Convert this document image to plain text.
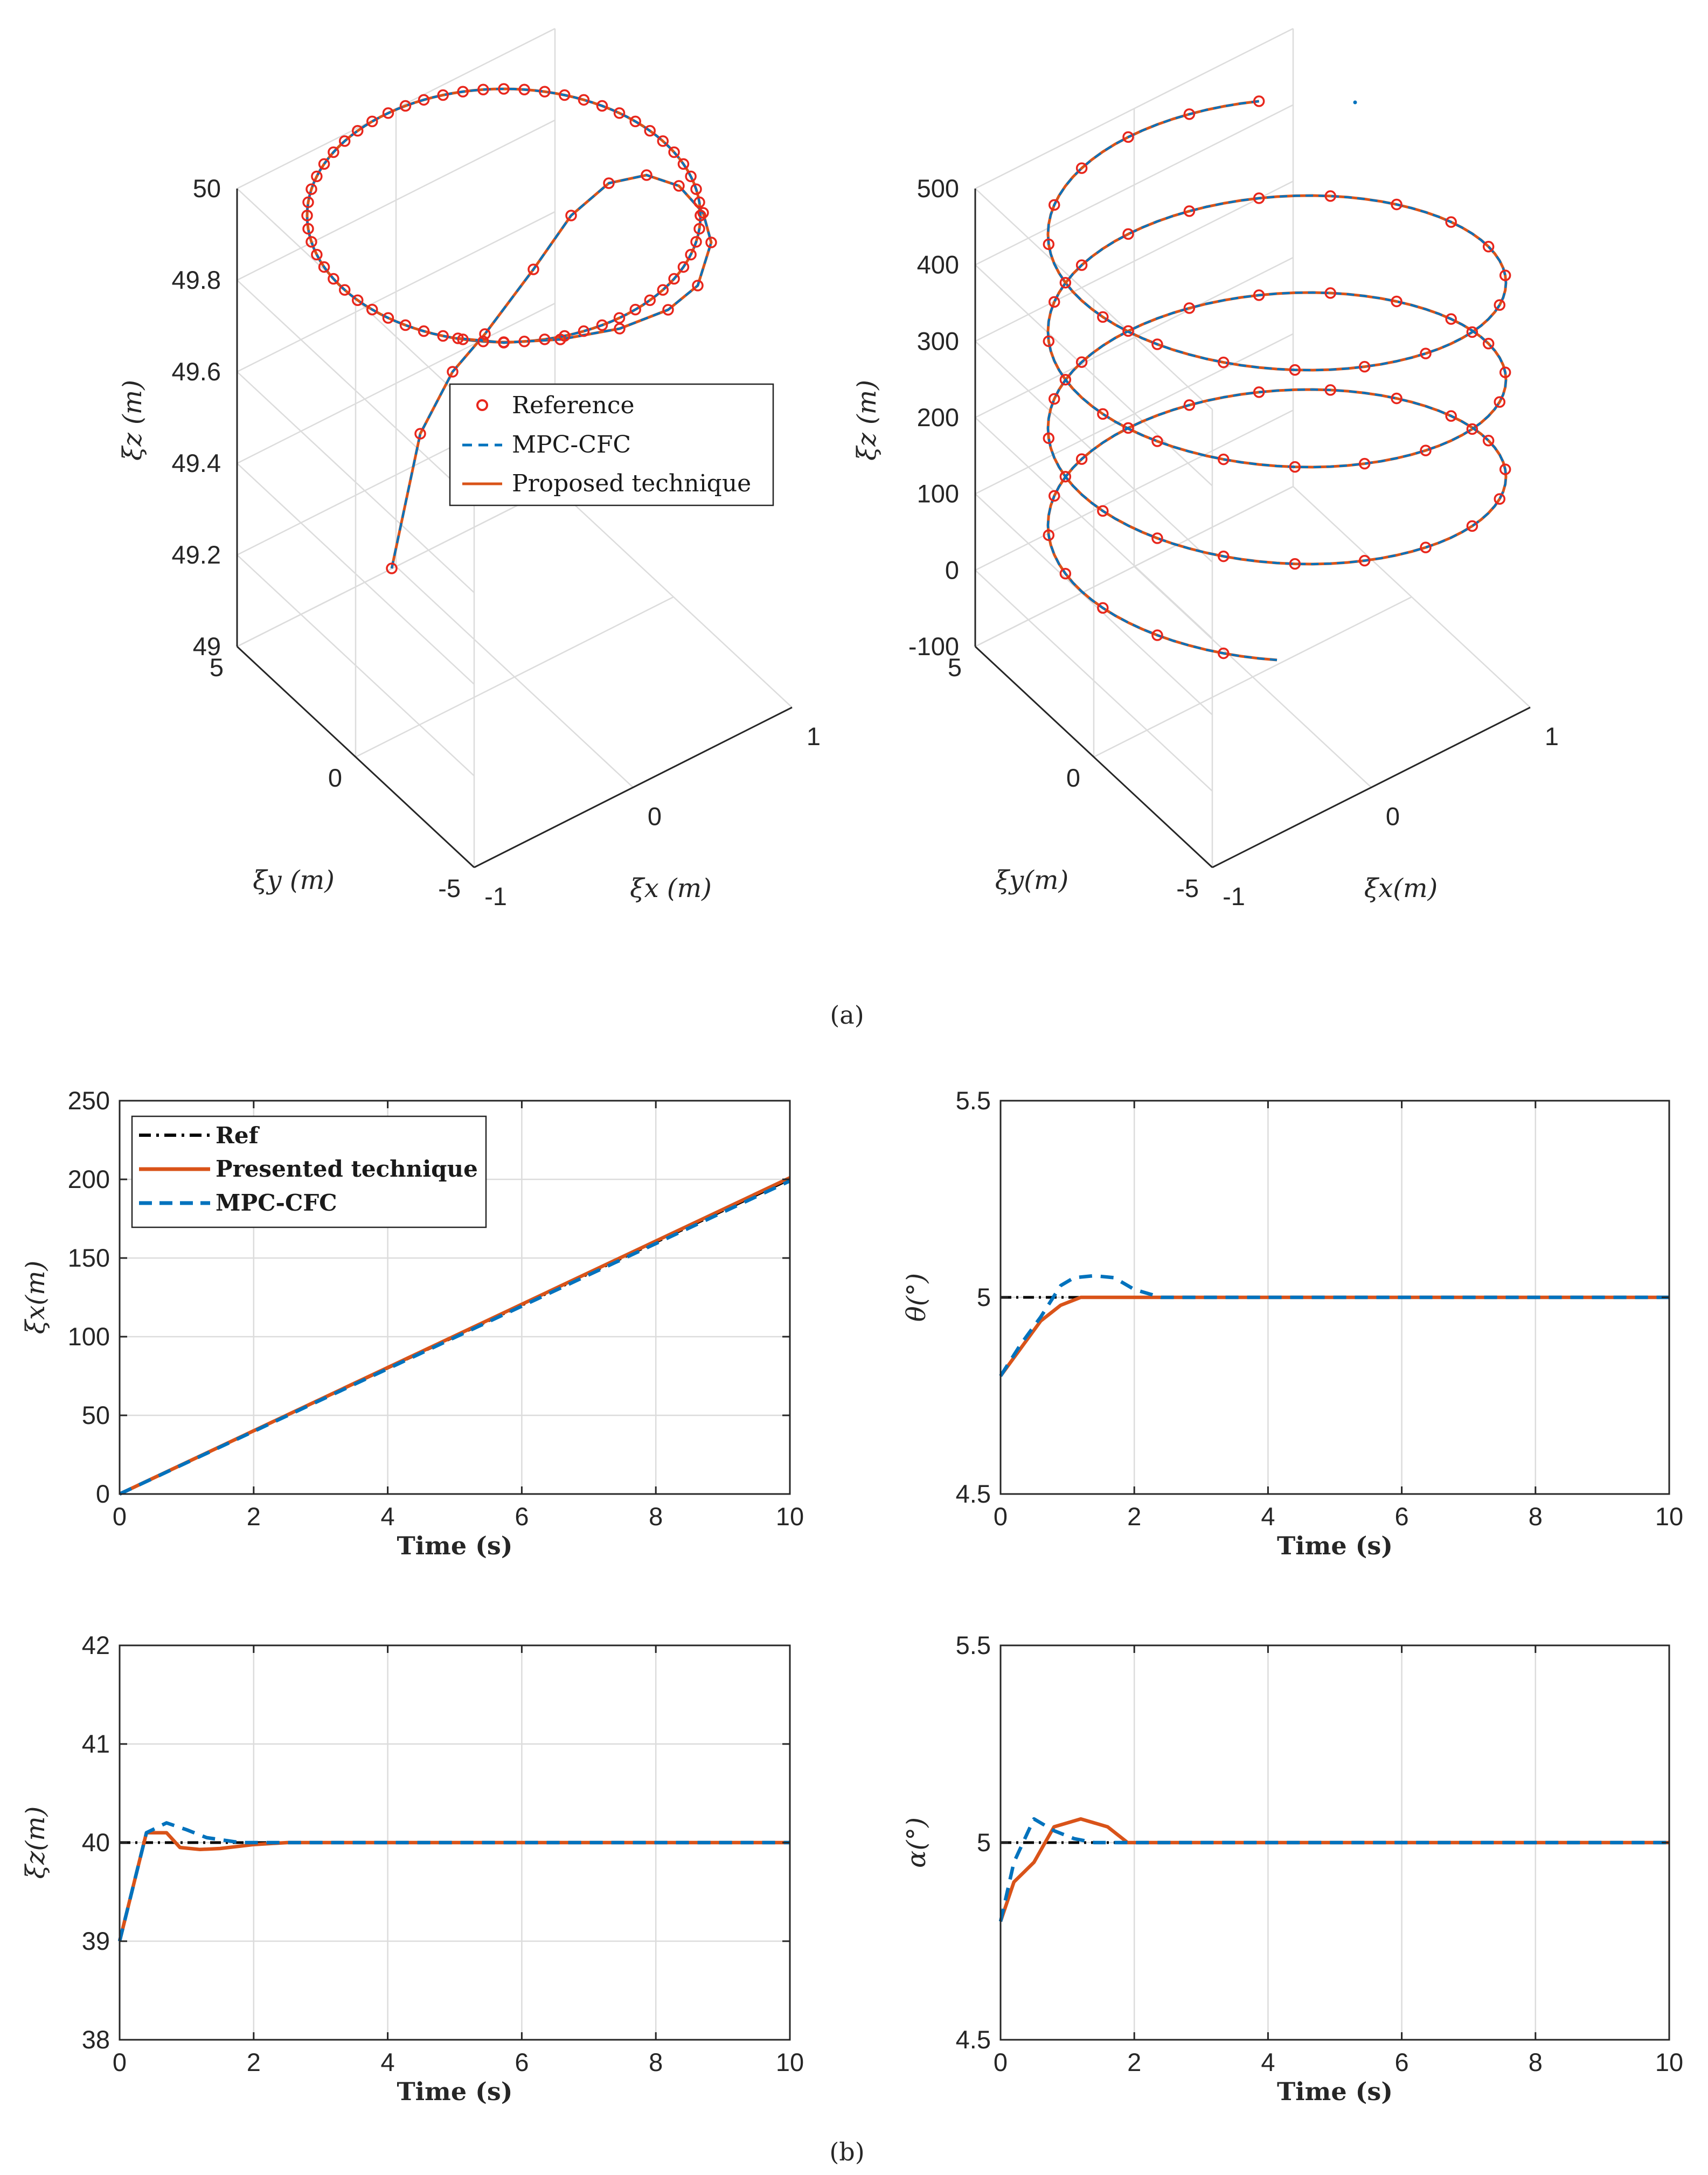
49
49.2
49.4
49.6
49.8
50
5
0
-5 -1
0
1
ξz (m)
ξy (m)	ξx (m)
Reference
MPC-CFC
Proposed technique
-100
0
100
200
300
400
500
5
0
-5 -1
0
1
ξz (m)
ξy(m)	ξx(m)
(a)
0	2	4	6	8	10
0
50
100
150
200
250
Time (s)
ξx(m)
0	2	4	6	8	10
4.5
5
5.5
Time (s)
θ(°)
0	2	4	6	8	10
38
39
40
41
42
Time (s)
ξz(m)
0	2	4	6	8	10
4.5
5
5.5
Time (s)
α(°)
Ref
Presented technique
MPC-CFC
(b)
